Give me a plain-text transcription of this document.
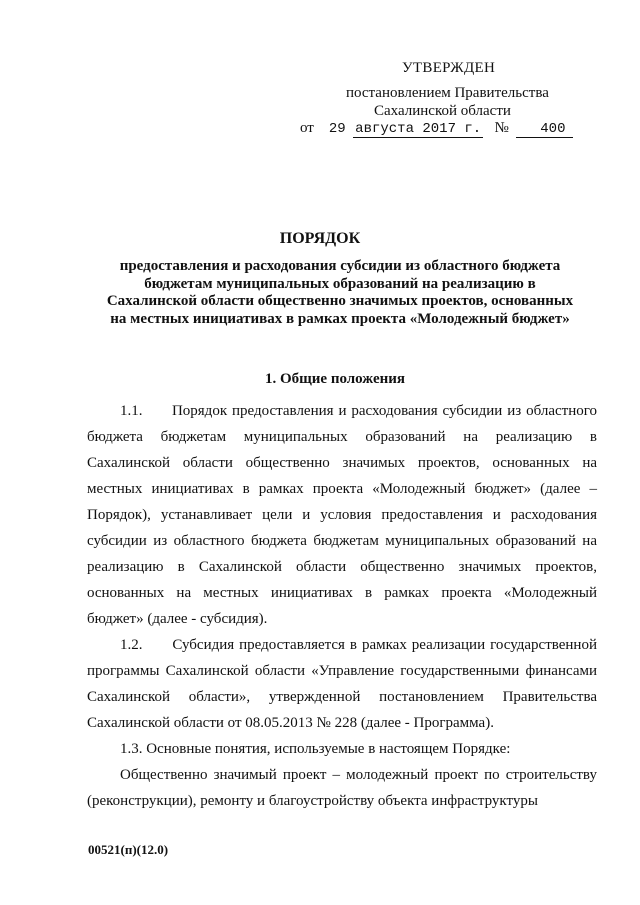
УТВЕРЖДЕН
постановлением Правительства
Сахалинской области
от 29 августа 2017 г. № 400
ПОРЯДОК
предоставления и расходования субсидии из областного бюджета бюджетам муниципальных образований на реализацию в Сахалинской области общественно значимых проектов, основанных на местных инициативах в рамках проекта «Молодежный бюджет»
1. Общие положения

1.1.      Порядок предоставления и расходования субсидии из областного бюджета бюджетам муниципальных образований на реализацию в Сахалинской области общественно значимых проектов, основанных на местных инициативах в рамках проекта «Молодежный бюджет» (далее – Порядок), устанавливает цели и условия предоставления и расходования субсидии из областного бюджета бюджетам муниципальных образований на реализацию в Сахалинской области общественно значимых проектов, основанных на местных инициативах в рамках проекта «Молодежный бюджет» (далее - субсидия).

1.2.      Субсидия предоставляется в рамках реализации государственной программы Сахалинской области «Управление государственными финансами Сахалинской области», утвержденной постановлением Правительства Сахалинской области от 08.05.2013 № 228 (далее - Программа).

1.3. Основные понятия, используемые в настоящем Порядке:

Общественно значимый проект – молодежный проект по строительству (реконструкции), ремонту и благоустройству объекта инфраструктуры

00521(п)(12.0)
